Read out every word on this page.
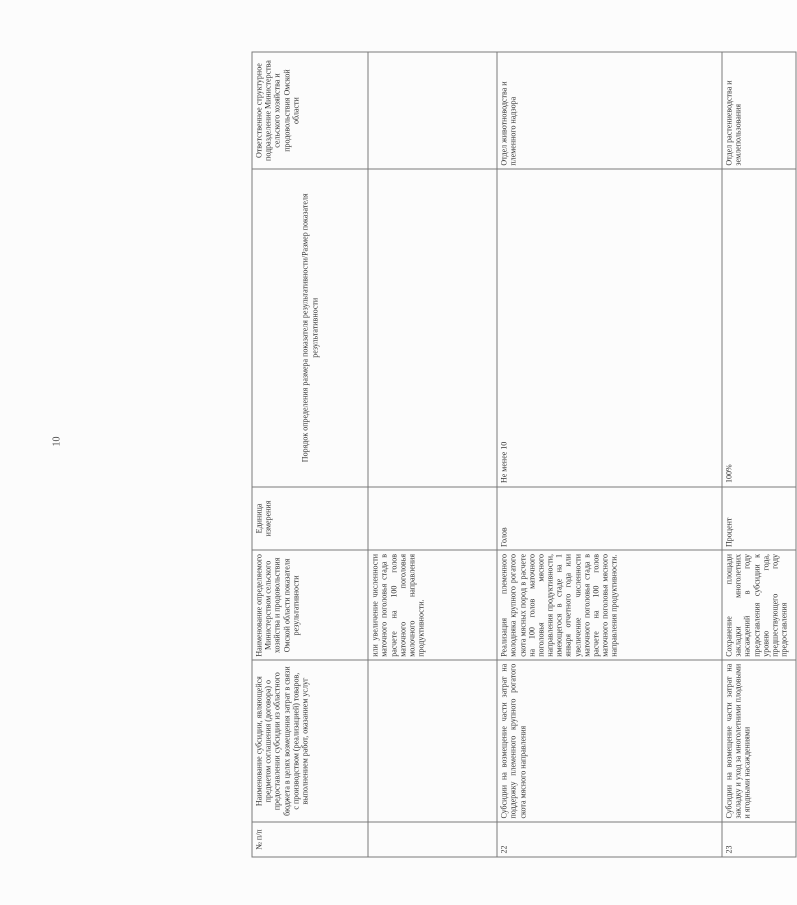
10
№ п/п	Наименование субсидии, являющейся предметом соглашения (договора) о предоставлении субсидии из областного бюджета в целях возмещения затрат в связи с производством (реализацией) товаров, выполнением работ, оказанием услуг	Наименование определяемого Министерством сельского хозяйства и продовольствия Омской области показателя результативности	Единица измерения	Порядок определения размера показателя результативности/Размер показателя результативности	Ответственное структурное подразделение Министерства сельского хозяйства и продовольствия Омской области
		или увеличение численности маточного поголовья стада в расчете на 100 голов маточного поголовья молочного направления продуктивности.			
22	Субсидии на возмещение части затрат на поддержку племенного крупного рогатого скота мясного направления	Реализация племенного молодняка крупного рогатого скота мясных пород в расчете на 100 голов маточного поголовья мясного направления продуктивности, имеющегося в стаде на 1 января отчетного года или увеличение численности маточного поголовья стада в расчете на 100 голов маточного поголовья мясного направления продуктивности.	Голов	Не менее 10	Отдел животноводства и племенного надзора
23	Субсидии на возмещение части затрат на закладку и уход за многолетними плодовыми и ягодными насаждениями	Сохранение площади закладки многолетних насаждений в году предоставления субсидии к уровню года, предшествующего году предоставления	Процент	100%	Отдел растениеводства и землепользования
